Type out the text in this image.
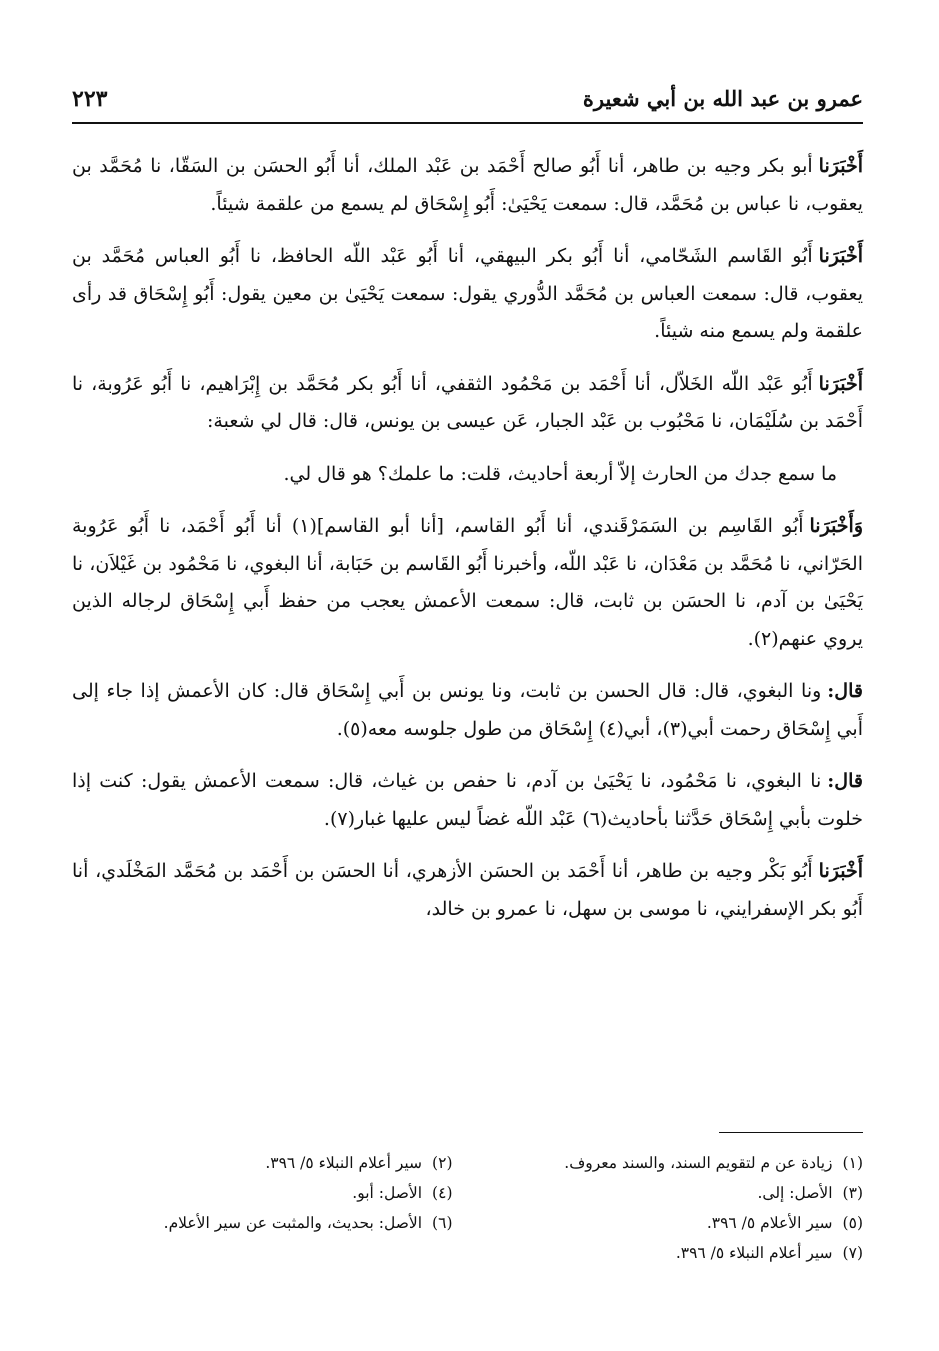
عمرو بن عبد الله بن أبي شعيرة
٢٢٣

أَخْبَرَناأبو بكر وجيه بن طاهر، أنا أَبُو صالح أَحْمَد بن عَبْد الملك، أنا أَبُو الحسَن بن السَقّا، نا مُحَمَّد بن يعقوب، نا عباس بن مُحَمَّد، قال: سمعت يَحْيَىٰ: أَبُو إِسْحَاق لم يسمع من علقمة شيئاً.

أَخْبَرَناأَبُو القَاسم الشَحّامي، أنا أَبُو بكر البيهقي، أنا أَبُو عَبْد اللّه الحافظ، نا أَبُو العباس مُحَمَّد بن يعقوب، قال: سمعت العباس بن مُحَمَّد الدُّوري يقول: سمعت يَحْيَىٰ بن معين يقول: أَبُو إِسْحَاق قد رأى علقمة ولم يسمع منه شيئاً.

أَخْبَرَناأَبُو عَبْد اللّه الخَلاّل، أنا أَحْمَد بن مَحْمُود الثقفي، أنا أَبُو بكر مُحَمَّد بن إِبْرَاهيم، نا أَبُو عَرُوبة، نا أَحْمَد بن سُلَيْمَان، نا مَحْبُوب بن عَبْد الجبار، عَن عيسى بن يونس، قال: قال لي شعبة:

ما سمع جدك من الحارث إلاّ أربعة أحاديث، قلت: ما علمك؟ هو قال لي.

وَأَخْبَرَناأَبُو القَاسِم بن السَمَرْقَندي، أنا أَبُو القاسم، [أنا أبو القاسم](١) أنا أَبُو أَحْمَد، نا أَبُو عَرُوبة الحَرّاني، نا مُحَمَّد بن مَعْدَان، نا عَبْد اللّه، وأخبرنا أَبُو القَاسم بن حَبَابة، أنا البغوي، نا مَحْمُود بن غَيْلاَن، نا يَحْيَىٰ بن آدم، نا الحسَن بن ثابت، قال: سمعت الأعمش يعجب من حفظ أَبي إِسْحَاق لرجاله الذين يروي عنهم(٢).

قال:ونا البغوي، قال: قال الحسن بن ثابت، ونا يونس بن أَبي إِسْحَاق قال: كان الأعمش إذا جاء إلى أَبي إِسْحَاق رحمت أبي(٣)، أبي(٤) إِسْحَاق من طول جلوسه معه(٥).

قال:نا البغوي، نا مَحْمُود، نا يَحْيَىٰ بن آدم، نا حفص بن غياث، قال: سمعت الأعمش يقول: كنت إذا خلوت بأبي إِسْحَاق حَدَّثنا بأحاديث(٦) عَبْد اللّه غضاً ليس عليها غبار(٧).

أَخْبَرَناأَبُو بَكْر وجيه بن طاهر، أنا أَحْمَد بن الحسَن الأزهري، أنا الحسَن بن أَحْمَد بن مُحَمَّد المَخْلَدي، أنا أَبُو بكر الإسفرايني، نا موسى بن سهل، نا عمرو بن خالد،

(١)زيادة عن م لتقويم السند، والسند معروف.
(٢)سير أعلام النبلاء ٥/ ٣٩٦.
(٣)الأصل: إلى.
(٤)الأصل: أبو.
(٥)سير الأعلام ٥/ ٣٩٦.
(٦)الأصل: بحديث، والمثبت عن سير الأعلام.
(٧)سير أعلام النبلاء ٥/ ٣٩٦.
